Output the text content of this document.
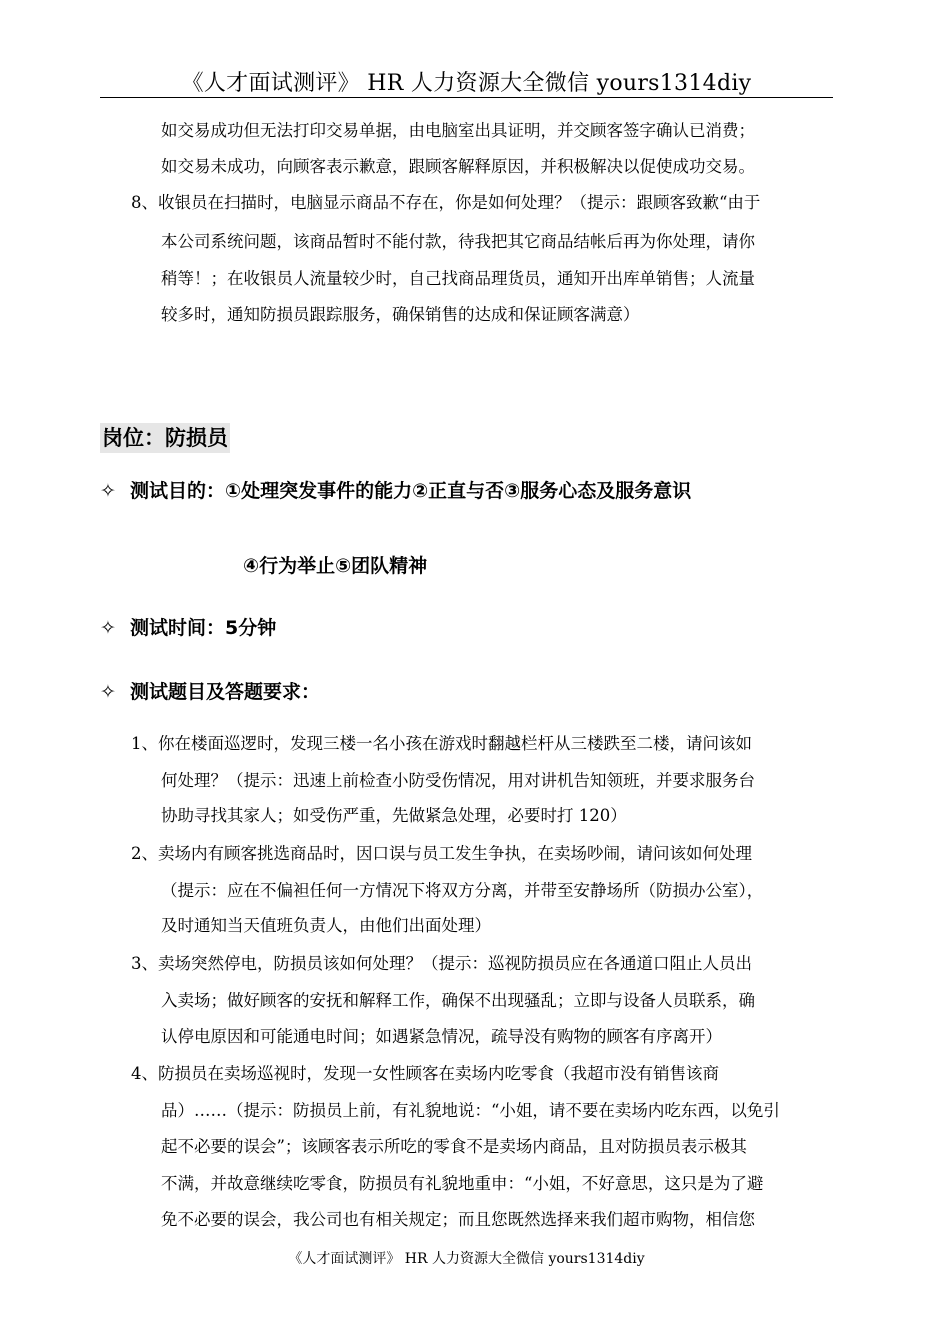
《人才面试测评》 HR 人力资源大全微信 yours1314diy
如交易成功但无法打印交易单据，由电脑室出具证明，并交顾客签字确认已消费；
如交易未成功，向顾客表示歉意，跟顾客解释原因，并积极解决以促使成功交易。
8、收银员在扫描时，电脑显示商品不存在，你是如何处理？（提示：跟顾客致歉“由于
本公司系统问题，该商品暂时不能付款，待我把其它商品结帐后再为你处理，请你
稍等！；在收银员人流量较少时，自己找商品理货员，通知开出库单销售；人流量
较多时，通知防损员跟踪服务，确保销售的达成和保证顾客满意）
岗位：防损员
✧ 测试目的：①处理突发事件的能力②正直与否③服务心态及服务意识
④行为举止⑤团队精神
✧ 测试时间：5分钟
✧ 测试题目及答题要求：
1、你在楼面巡逻时，发现三楼一名小孩在游戏时翻越栏杆从三楼跌至二楼，请问该如
何处理？（提示：迅速上前检查小防受伤情况，用对讲机告知领班，并要求服务台
协助寻找其家人；如受伤严重，先做紧急处理，必要时打 120）
2、卖场内有顾客挑选商品时，因口误与员工发生争执，在卖场吵闹，请问该如何处理
（提示：应在不偏袒任何一方情况下将双方分离，并带至安静场所（防损办公室），
及时通知当天值班负责人，由他们出面处理）
3、卖场突然停电，防损员该如何处理？（提示：巡视防损员应在各通道口阻止人员出
入卖场；做好顾客的安抚和解释工作，确保不出现骚乱；立即与设备人员联系，确
认停电原因和可能通电时间；如遇紧急情况，疏导没有购物的顾客有序离开）
4、防损员在卖场巡视时，发现一女性顾客在卖场内吃零食（我超市没有销售该商
品）……（提示：防损员上前，有礼貌地说：“小姐，请不要在卖场内吃东西，以免引
起不必要的误会”；该顾客表示所吃的零食不是卖场内商品，且对防损员表示极其
不满，并故意继续吃零食，防损员有礼貌地重申：“小姐，不好意思，这只是为了避
免不必要的误会，我公司也有相关规定；而且您既然选择来我们超市购物，相信您
《人才面试测评》 HR 人力资源大全微信 yours1314diy
